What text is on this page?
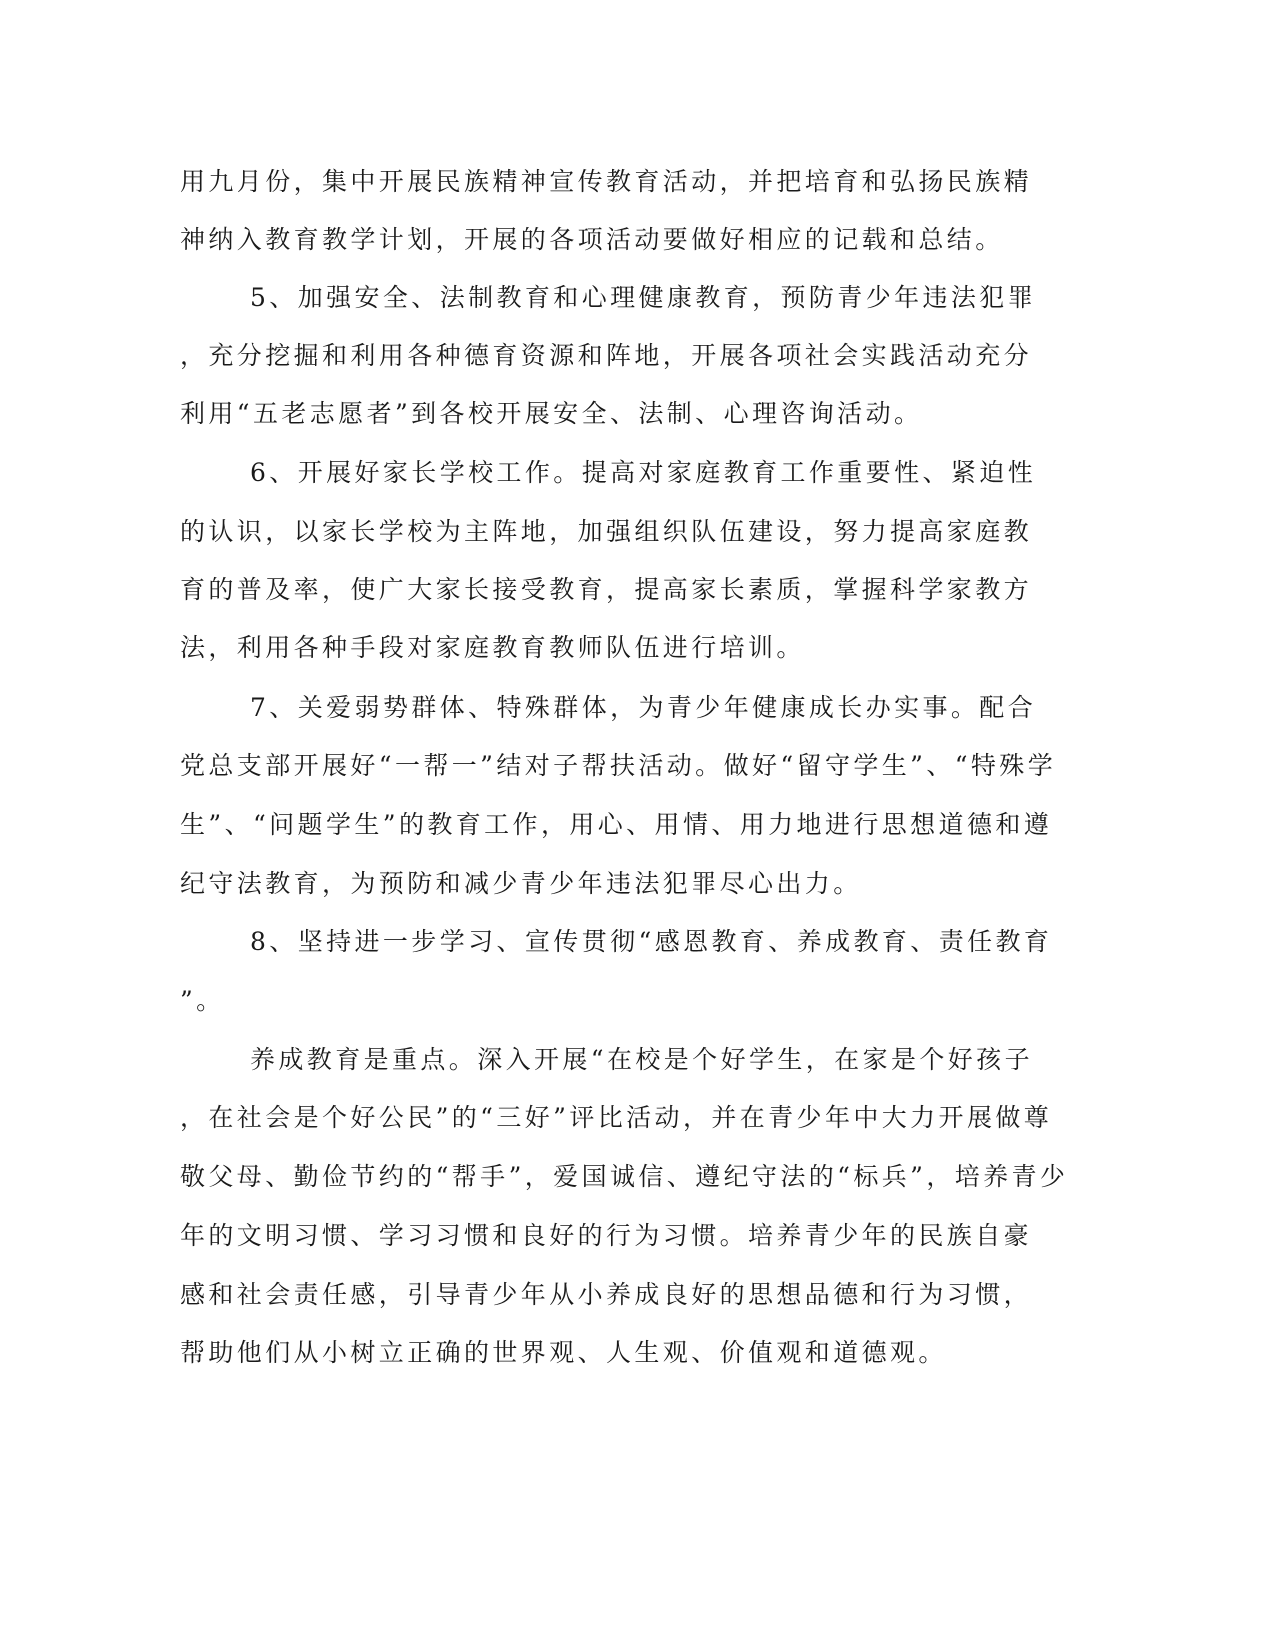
用九月份，集中开展民族精神宣传教育活动，并把培育和弘扬民族精
神纳入教育教学计划，开展的各项活动要做好相应的记载和总结。
5、加强安全、法制教育和心理健康教育，预防青少年违法犯罪
，充分挖掘和利用各种德育资源和阵地，开展各项社会实践活动充分
利用“五老志愿者”到各校开展安全、法制、心理咨询活动。
6、开展好家长学校工作。提高对家庭教育工作重要性、紧迫性
的认识，以家长学校为主阵地，加强组织队伍建设，努力提高家庭教
育的普及率，使广大家长接受教育，提高家长素质，掌握科学家教方
法，利用各种手段对家庭教育教师队伍进行培训。
7、关爱弱势群体、特殊群体，为青少年健康成长办实事。配合
党总支部开展好“一帮一”结对子帮扶活动。做好“留守学生”、“特殊学
生”、“问题学生”的教育工作，用心、用情、用力地进行思想道德和遵
纪守法教育，为预防和减少青少年违法犯罪尽心出力。
8、坚持进一步学习、宣传贯彻“感恩教育、养成教育、责任教育
”。
养成教育是重点。深入开展“在校是个好学生，在家是个好孩子
，在社会是个好公民”的“三好”评比活动，并在青少年中大力开展做尊
敬父母、勤俭节约的“帮手”，爱国诚信、遵纪守法的“标兵”，培养青少
年的文明习惯、学习习惯和良好的行为习惯。培养青少年的民族自豪
感和社会责任感，引导青少年从小养成良好的思想品德和行为习惯，
帮助他们从小树立正确的世界观、人生观、价值观和道德观。
